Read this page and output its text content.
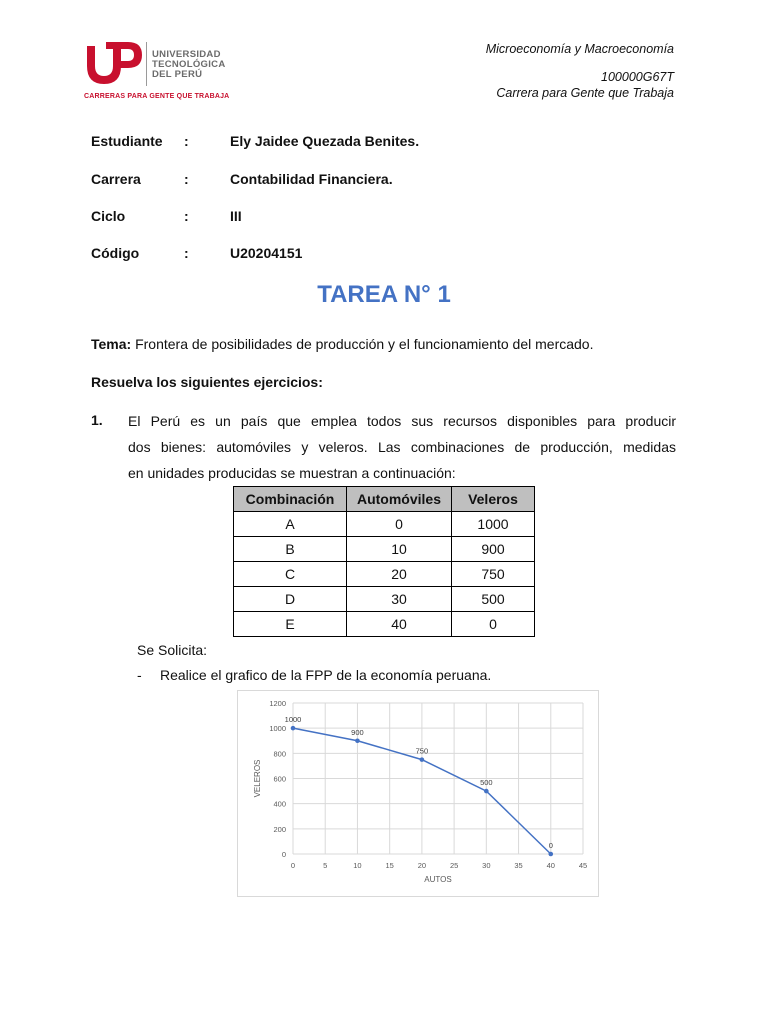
UNIVERSIDAD
TECNOLÓGICA
DEL PERÚ
CARRERAS PARA GENTE QUE TRABAJA
Microeconomía y Macroeconomía
100000G67T
Carrera para Gente que Trabaja
Estudiante :	Ely Jaidee Quezada Benites.
Carrera	:	Contabilidad Financiera.
Ciclo	:	III
Código	:	U20204151
TAREA N° 1
Tema: Frontera de posibilidades de producción y el funcionamiento del mercado.
Resuelva los siguientes ejercicios:
1. El Perú es un país que emplea todos sus recursos disponibles para producir
dos bienes: automóviles y veleros. Las combinaciones de producción, medidas
en unidades producidas se muestran a continuación:
Combinación	Automóviles	Veleros
A	0	1000
B	10	900
C	20	750
D	30	500
E	40	0
Se Solicita:
- Realice el grafico de la FPP de la economía peruana.
0
200
400
600
800
1000
1200
0	5	10	15	20	25	30	35	40	45
AUTOS
VELEROS
1000
900
750
500
0
